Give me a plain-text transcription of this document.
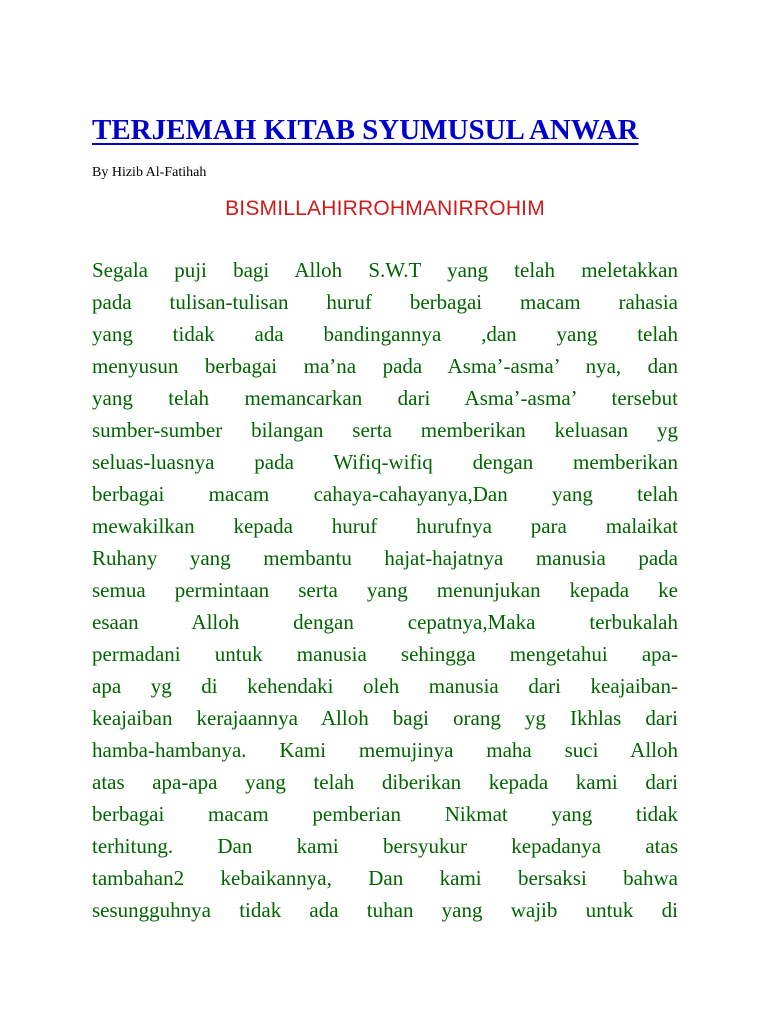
TERJEMAH KITAB SYUMUSUL ANWAR

By Hizib Al-Fatihah

BISMILLAHIRROHMANIRROHIM

Segala puji bagi Alloh S.W.T yang telah meletakkan
pada tulisan-tulisan huruf berbagai macam rahasia
yang tidak ada bandingannya ,dan yang telah
menyusun berbagai ma’na pada Asma’-asma’ nya, dan
yang telah memancarkan dari Asma’-asma’ tersebut
sumber-sumber bilangan serta memberikan keluasan yg
seluas-luasnya pada Wifiq-wifiq dengan memberikan
berbagai macam cahaya-cahayanya,Dan yang telah
mewakilkan kepada huruf hurufnya para malaikat
Ruhany yang membantu hajat-hajatnya manusia pada
semua permintaan serta yang menunjukan kepada ke
esaan Alloh dengan cepatnya,Maka terbukalah
permadani untuk manusia sehingga mengetahui apa-
apa yg di kehendaki oleh manusia dari keajaiban-
keajaiban kerajaannya Alloh bagi orang yg Ikhlas dari
hamba-hambanya. Kami memujinya maha suci Alloh
atas apa-apa yang telah diberikan kepada kami dari
berbagai macam pemberian Nikmat yang tidak
terhitung. Dan kami bersyukur kepadanya atas
tambahan2 kebaikannya, Dan kami bersaksi bahwa
sesungguhnya tidak ada tuhan yang wajib untuk di
